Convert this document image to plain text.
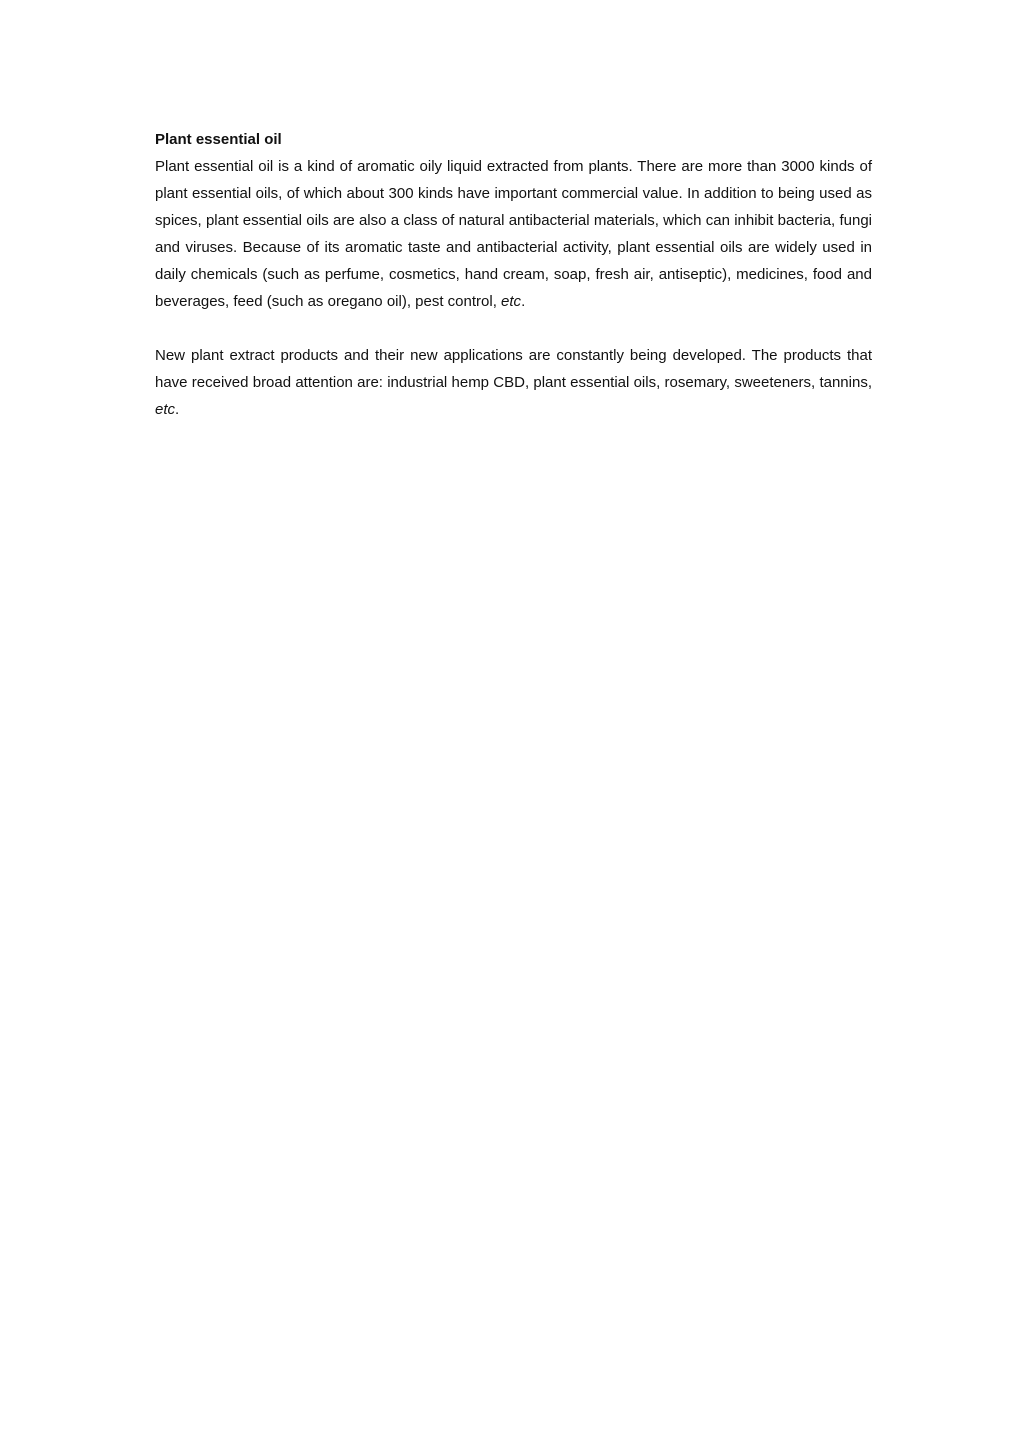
Plant essential oil

Plant essential oil is a kind of aromatic oily liquid extracted from plants. There are more than 3000 kinds of plant essential oils, of which about 300 kinds have important commercial value. In addition to being used as spices, plant essential oils are also a class of natural antibacterial materials, which can inhibit bacteria, fungi and viruses. Because of its aromatic taste and antibacterial activity, plant essential oils are widely used in daily chemicals (such as perfume, cosmetics, hand cream, soap, fresh air, antiseptic), medicines, food and beverages, feed (such as oregano oil), pest control, etc.

New plant extract products and their new applications are constantly being developed. The products that have received broad attention are: industrial hemp CBD, plant essential oils, rosemary, sweeteners, tannins, etc.
